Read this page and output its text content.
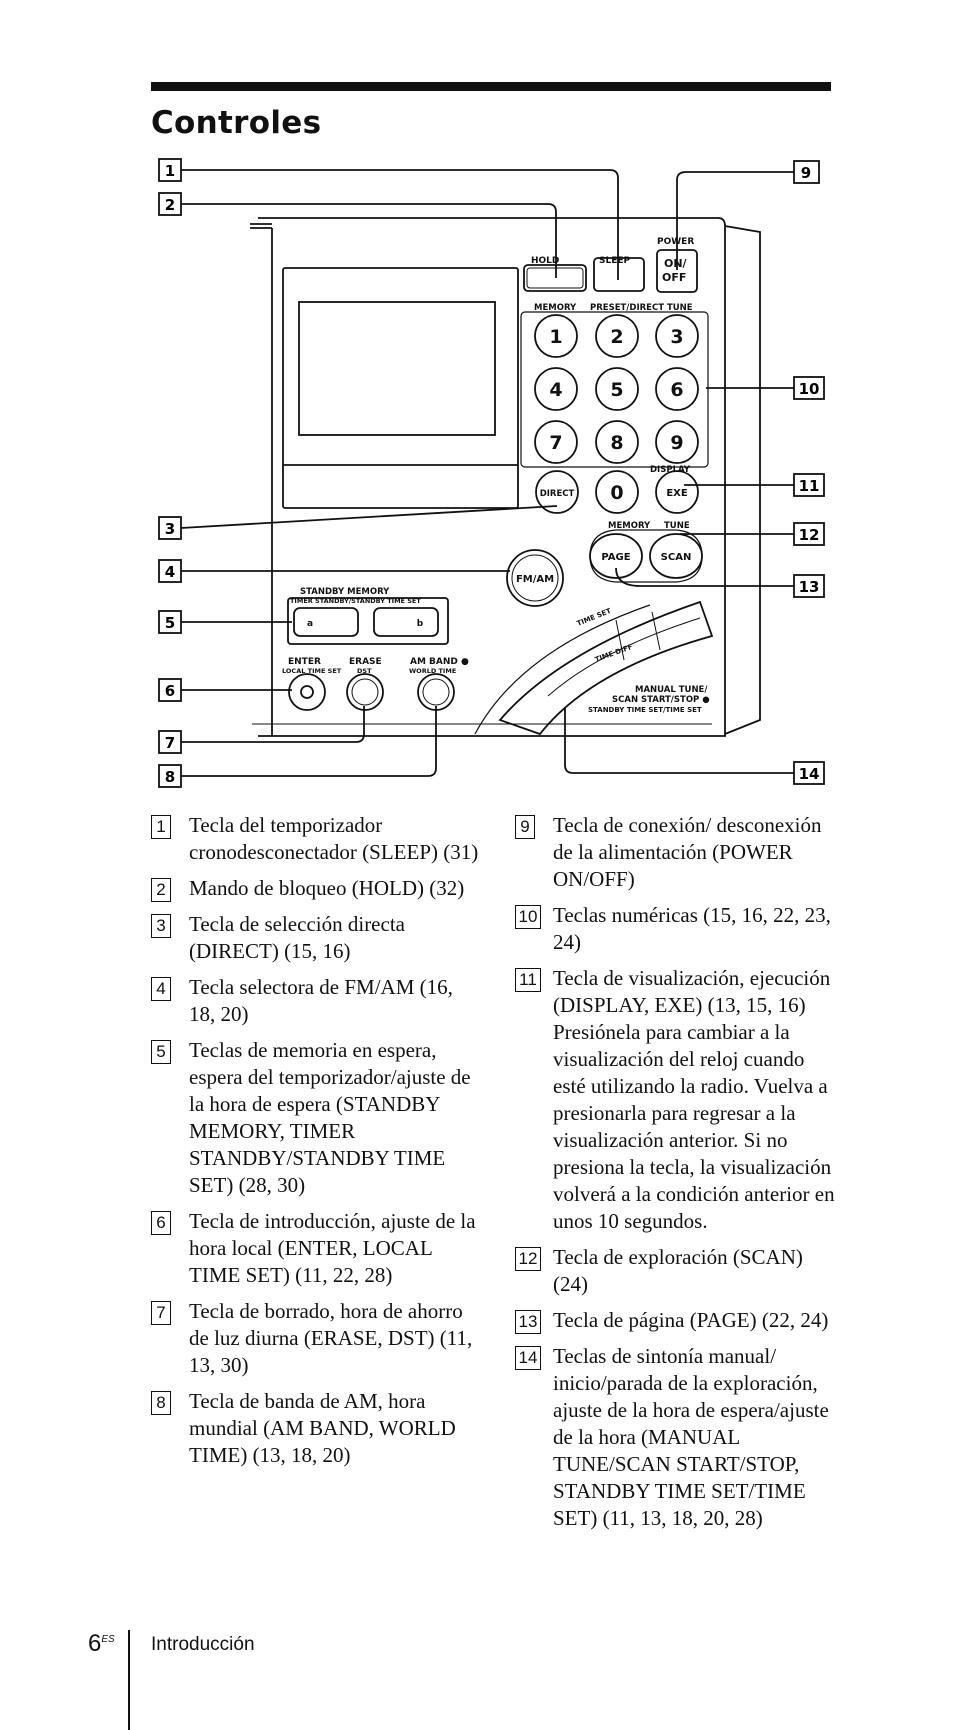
Controles
HOLD	SLEEP
POWER
ON/
OFF
MEMORY PRESET/DIRECT TUNE
DISPLAY
MEMORY TUNE
STANDBY MEMORY
TIMER STANDBY/STANDBY TIME SET
ENTER
LOCAL TIME SET
ERASE
DST
AM BAND ●
WORLD TIME
MANUAL TUNE/
SCAN START/STOP ●
STANDBY TIME SET/TIME SET
TIME SET
TIME DIFF
1	2 3
4	5 6
7	8 9
0
DIRECT	EXE
PAGE	SCAN
FM/AM
a	b
1
2
3
4
5
6
7
8
9
10
11
12
13
14
1 Tecla del temporizador cronodesconectador (SLEEP) (31)
2 Mando de bloqueo (HOLD) (32)
3 Tecla de selección directa (DIRECT) (15, 16)
4 Tecla selectora de FM/AM (16, 18, 20)
5 Teclas de memoria en espera, espera del temporizador/ajuste de la hora de espera (STANDBY MEMORY, TIMER STANDBY/STANDBY TIME SET) (28, 30)
6 Tecla de introducción, ajuste de la hora local (ENTER, LOCAL TIME SET) (11, 22, 28)
7 Tecla de borrado, hora de ahorro de luz diurna (ERASE, DST) (11, 13, 30)
8 Tecla de banda de AM, hora mundial (AM BAND, WORLD TIME) (13, 18, 20)
9 Tecla de conexión/ desconexión de la alimentación (POWER ON/OFF)
10 Teclas numéricas (15, 16, 22, 23, 24)
11 Tecla de visualización, ejecución (DISPLAY, EXE) (13, 15, 16)
Presiónela para cambiar a la visualización del reloj cuando esté utilizando la radio. Vuelva a presionarla para regresar a la visualización anterior. Si no presiona la tecla, la visualización volverá a la condición anterior en unos 10 segundos.
12 Tecla de exploración (SCAN) (24)
13 Tecla de página (PAGE) (22, 24)
14 Teclas de sintonía manual/ inicio/parada de la exploración, ajuste de la hora de espera/ajuste de la hora (MANUAL TUNE/SCAN START/STOP, STANDBY TIME SET/TIME SET) (11, 13, 18, 20, 28)
$6^{ES}$ Introducción
